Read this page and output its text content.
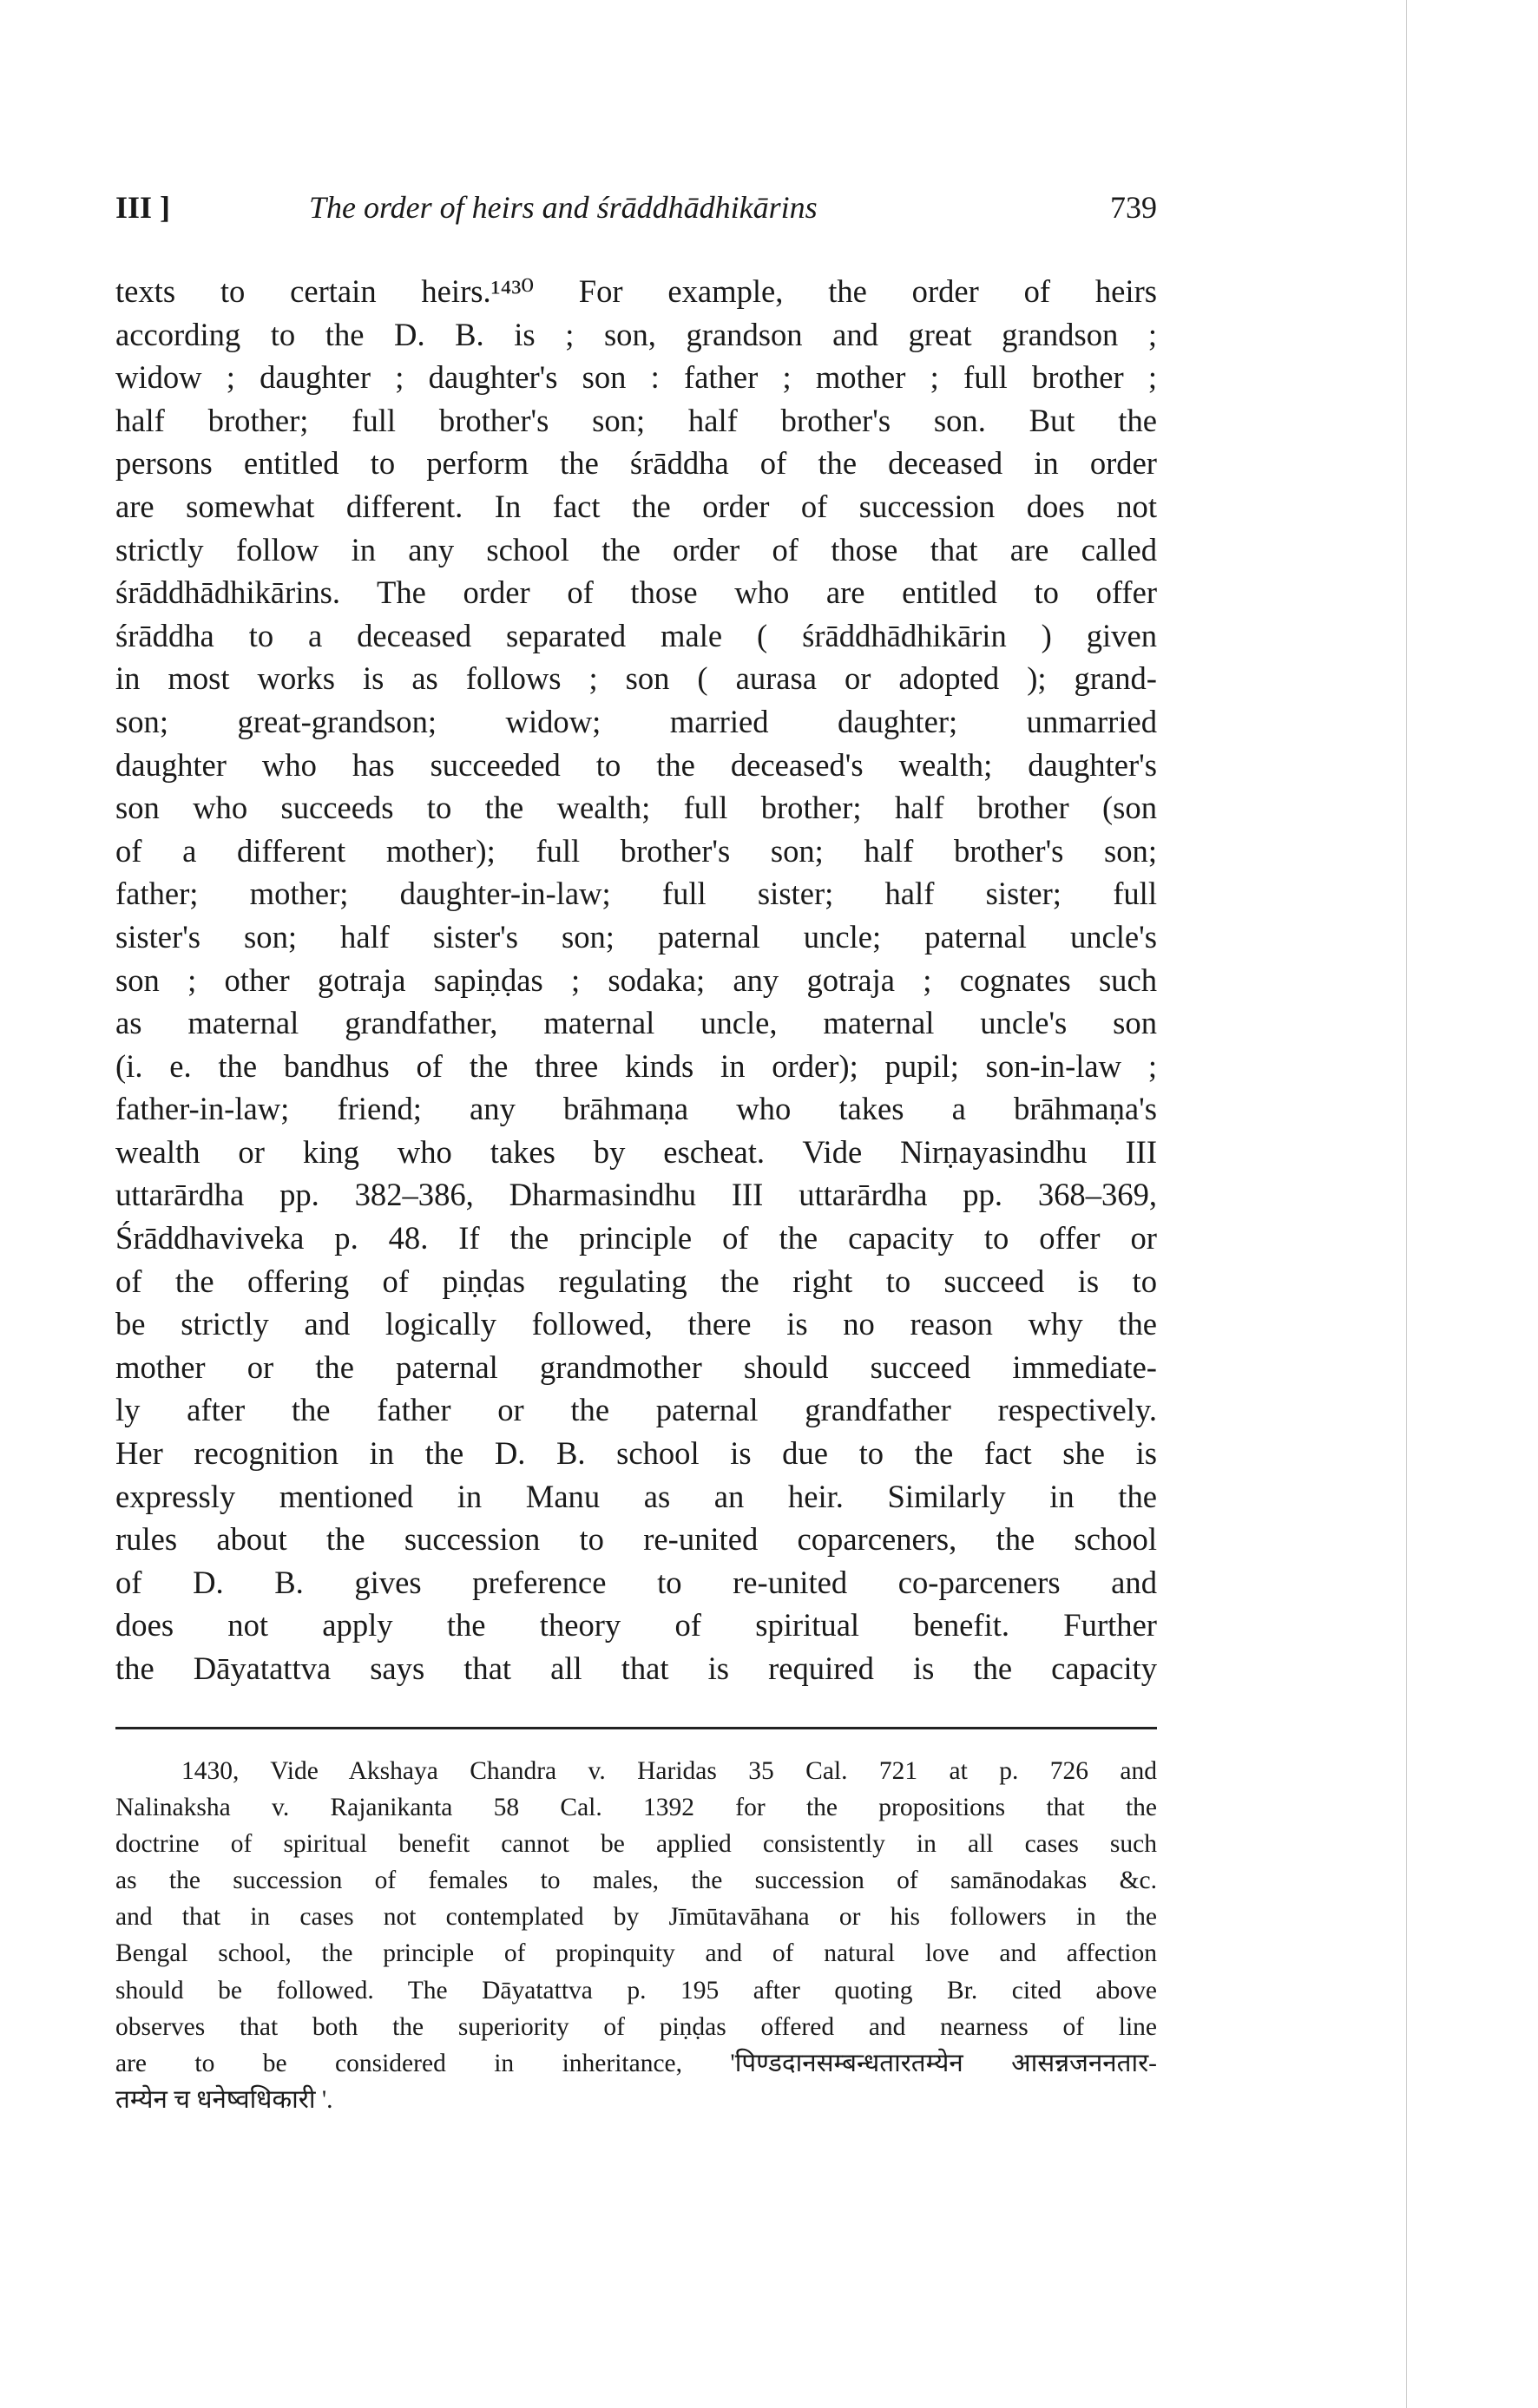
III ]	The order of heirs and śrāddhādhikārins	739
texts to certain heirs.¹⁴³⁰ For example, the order of heirs
according to the D. B. is ; son, grandson and great grandson ;
widow ; daughter ; daughter's son : father ; mother ; full brother ;
half brother; full brother's son; half brother's son. But the
persons entitled to perform the śrāddha of the deceased in order
are somewhat different. In fact the order of succession does not
strictly follow in any school the order of those that are called
śrāddhādhikārins. The order of those who are entitled to offer
śrāddha to a deceased separated male ( śrāddhādhikārin ) given
in most works is as follows ; son ( aurasa or adopted ); grand-
son; great-grandson; widow; married daughter; unmarried
daughter who has succeeded to the deceased's wealth; daughter's
son who succeeds to the wealth; full brother; half brother (son
of a different mother); full brother's son; half brother's son;
father; mother; daughter-in-law; full sister; half sister; full
sister's son; half sister's son; paternal uncle; paternal uncle's
son ; other gotraja sapiṇḍas ; sodaka; any gotraja ; cognates such
as maternal grandfather, maternal uncle, maternal uncle's son
(i. e. the bandhus of the three kinds in order); pupil; son-in-law ;
father-in-law; friend; any brāhmaṇa who takes a brāhmaṇa's
wealth or king who takes by escheat. Vide Nirṇayasindhu III
uttarārdha pp. 382–386, Dharmasindhu III uttarārdha pp. 368–369,
Śrāddhaviveka p. 48. If the principle of the capacity to offer or
of the offering of piṇḍas regulating the right to succeed is to
be strictly and logically followed, there is no reason why the
mother or the paternal grandmother should succeed immediate-
ly after the father or the paternal grandfather respectively.
Her recognition in the D. B. school is due to the fact she is
expressly mentioned in Manu as an heir. Similarly in the
rules about the succession to re-united coparceners, the school
of D. B. gives preference to re-united co-parceners and
does not apply the theory of spiritual benefit. Further
the Dāyatattva says that all that is required is the capacity
1430, Vide Akshaya Chandra v. Haridas 35 Cal. 721 at p. 726 and
Nalinaksha v. Rajanikanta 58 Cal. 1392 for the propositions that the
doctrine of spiritual benefit cannot be applied consistently in all cases such
as the succession of females to males, the succession of samānodakas &c.
and that in cases not contemplated by Jīmūtavāhana or his followers in the
Bengal school, the principle of propinquity and of natural love and affection
should be followed. The Dāyatattva p. 195 after quoting Br. cited above
observes that both the superiority of piṇḍas offered and nearness of line
are to be considered in inheritance, 'पिण्डदानसम्बन्धतारतम्येन आसन्नजननतार-
तम्येन च धनेष्वधिकारी '.
